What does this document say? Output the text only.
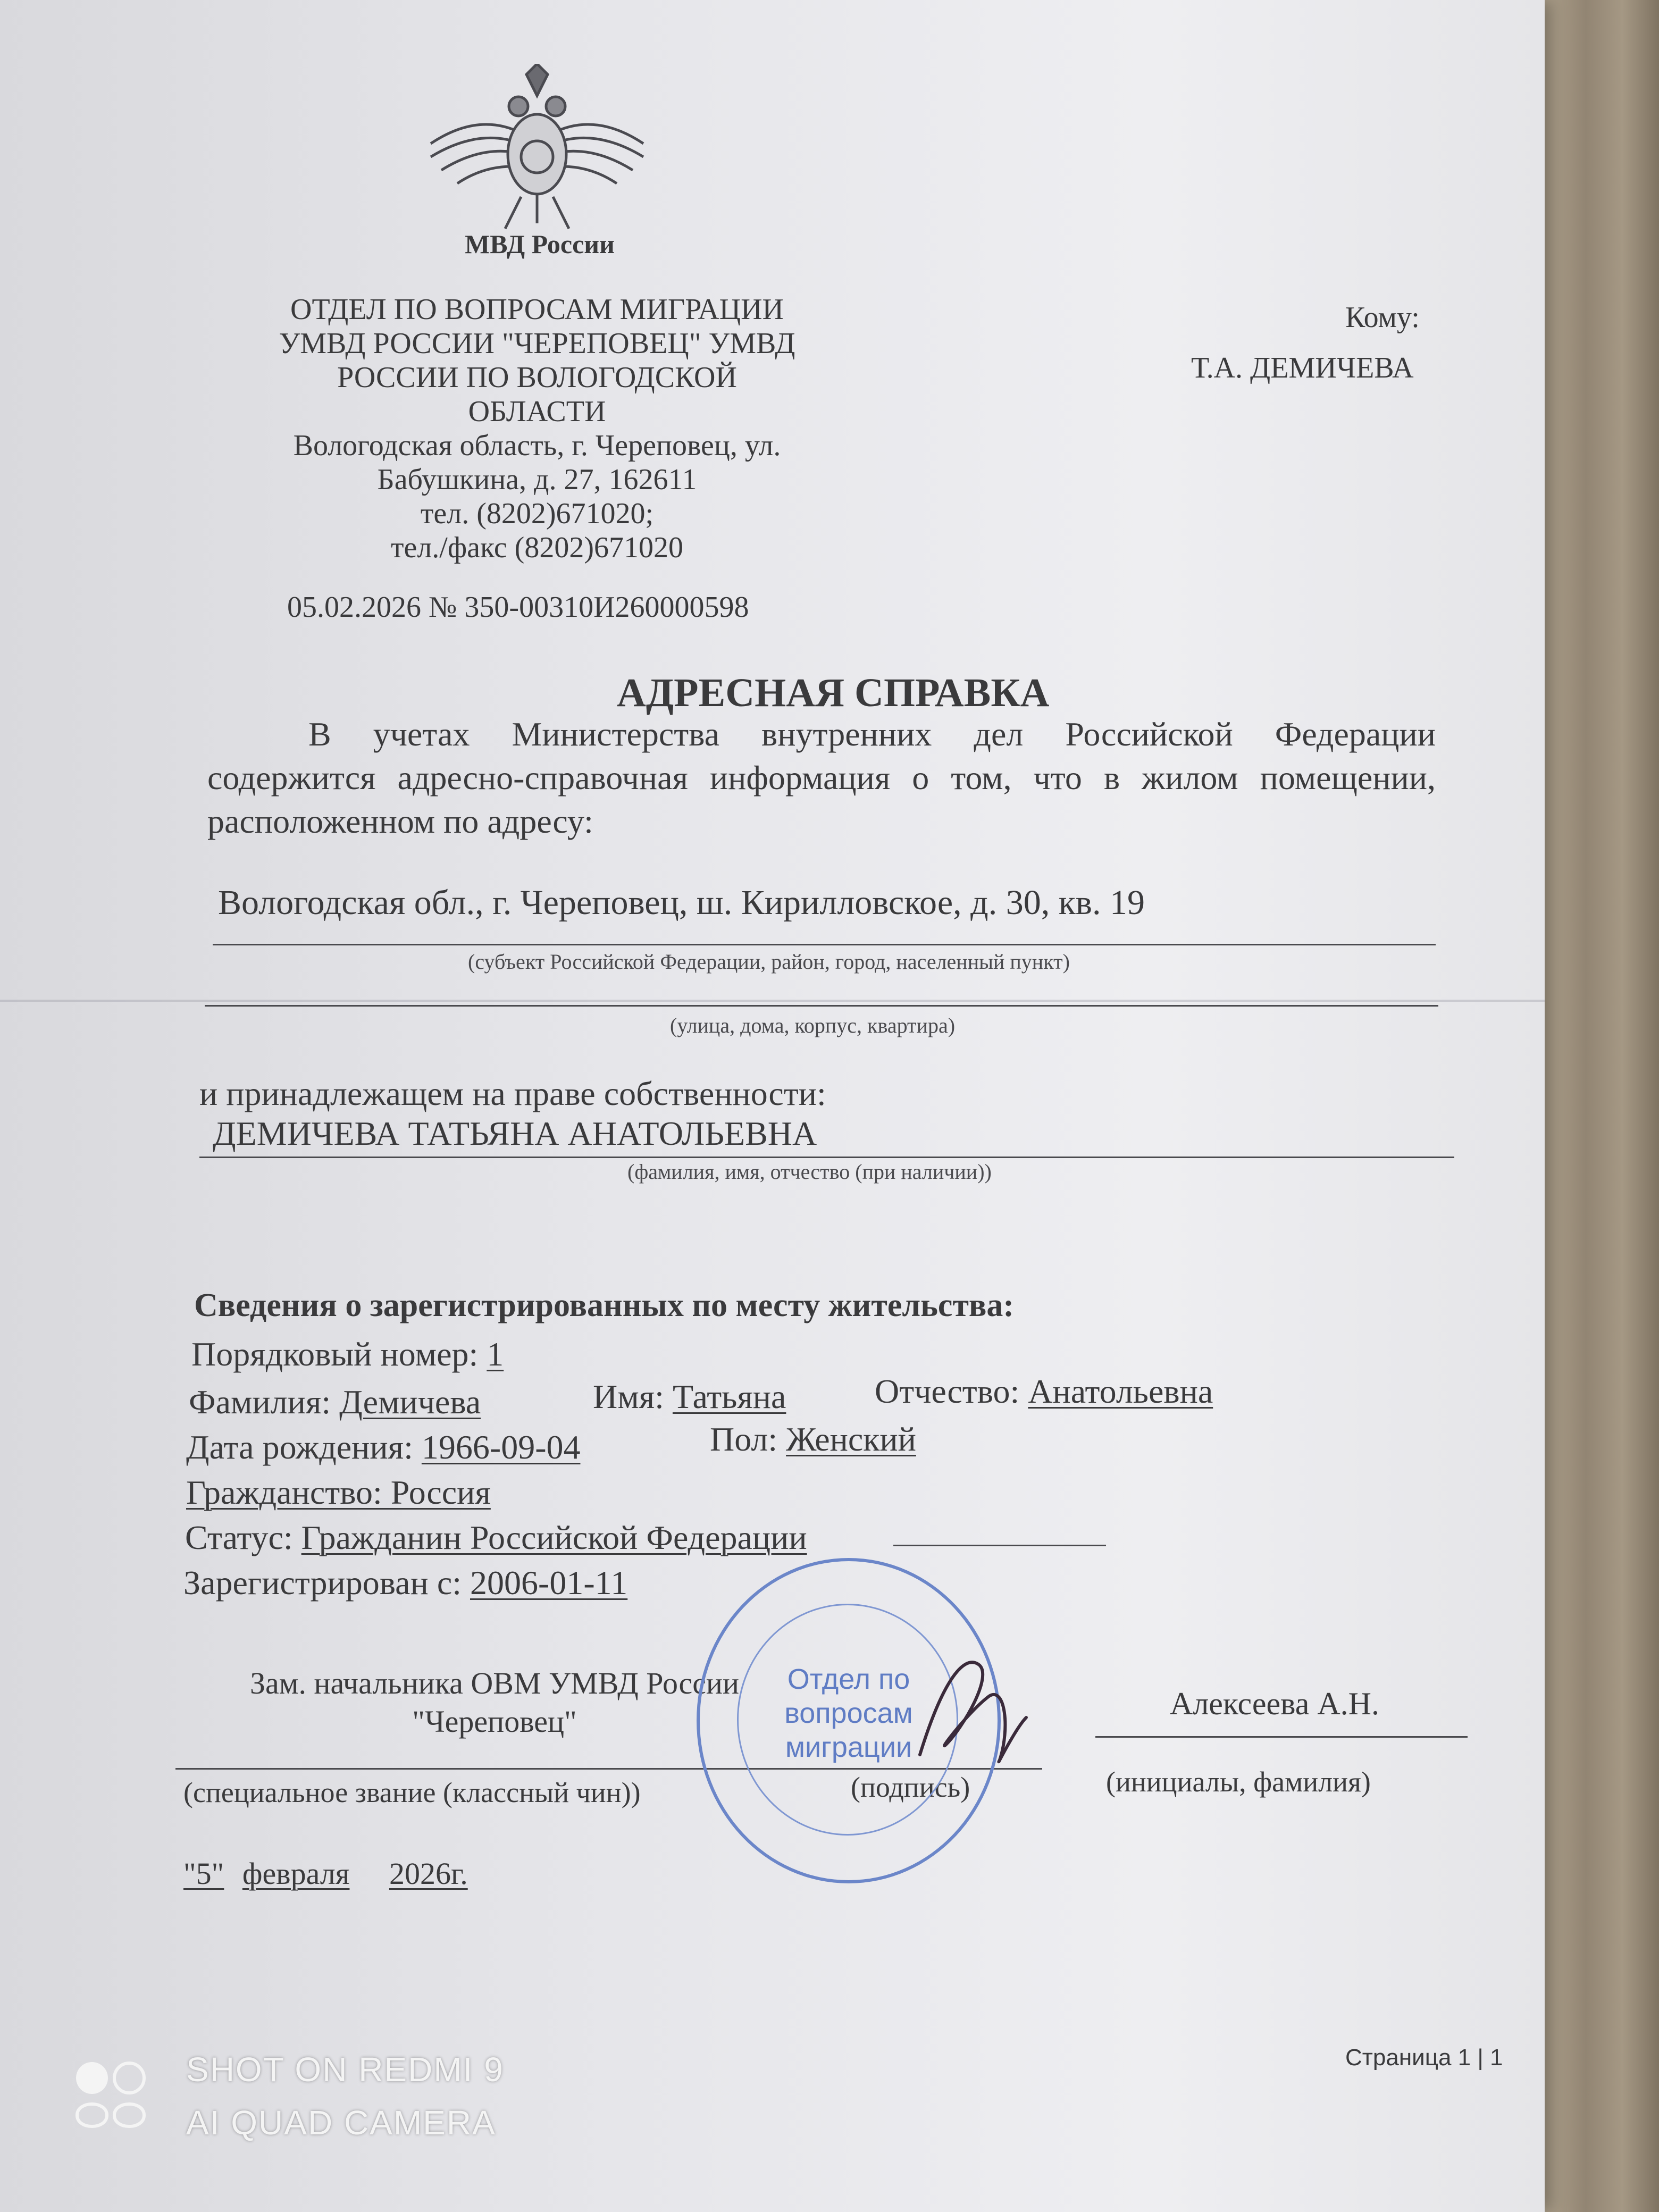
МВД России
ОТДЕЛ ПО ВОПРОСАМ МИГРАЦИИ
УМВД РОССИИ "ЧЕРЕПОВЕЦ" УМВД
РОССИИ ПО ВОЛОГОДСКОЙ
ОБЛАСТИ
Вологодская область, г. Череповец, ул.
Бабушкина, д. 27, 162611
тел. (8202)671020;
тел./факс (8202)671020
05.02.2026 № 350-00310И260000598
Кому:
Т.А. ДЕМИЧЕВА
АДРЕСНАЯ СПРАВКА
В учетах Министерства внутренних дел Российской Федерации
содержится адресно-справочная информация о том, что в жилом помещении,
расположенном по адресу:
Вологодская обл., г. Череповец, ш. Кирилловское, д. 30, кв. 19
(субъект Российской Федерации, район, город, населенный пункт)
(улица, дома, корпус, квартира)
и принадлежащем на праве собственности:
ДЕМИЧЕВА ТАТЬЯНА АНАТОЛЬЕВНА
(фамилия, имя, отчество (при наличии))
Сведения о зарегистрированных по месту жительства:
Порядковый номер: 1
Фамилия: Демичева	Имя: Татьяна	Отчество: Анатольевна
Дата рождения: 1966-09-04	Пол: Женский
Гражданство: Россия
Статус: Гражданин Российской Федерации
Зарегистрирован с: 2006-01-11
Зам. начальника ОВМ УМВД России
"Череповец"
Алексеева А.Н.
(специальное звание (классный чин))	(подпись)	(инициалы, фамилия)
"5" февраля 2026г.
Отдел по вопросам миграции
Страница 1 | 1
SHOT ON REDMI 9
AI QUAD CAMERA
